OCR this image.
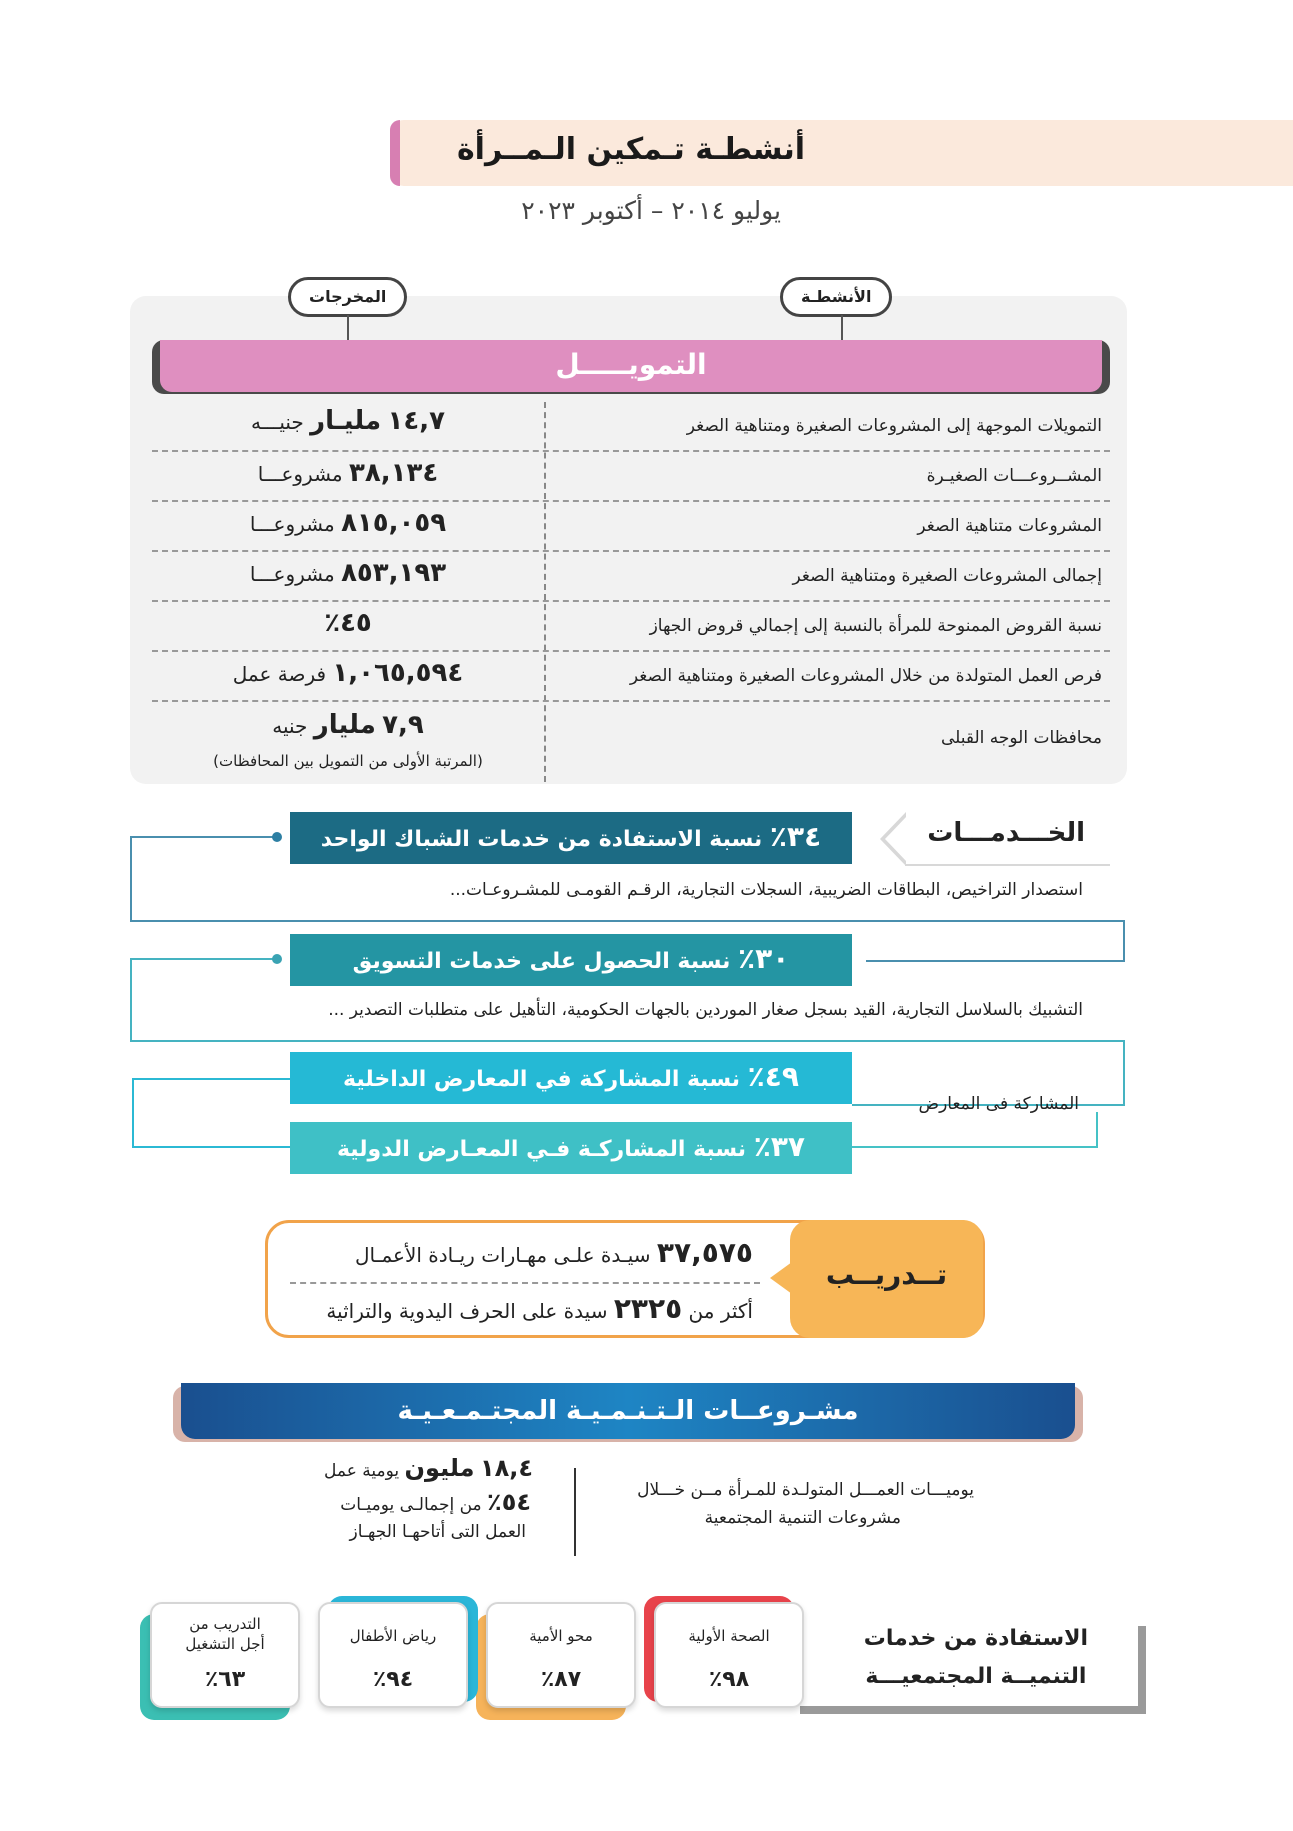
أنشطـة تـمكين الـمــرأة
يوليو ٢٠١٤ – أكتوبر ٢٠٢٣
المخرجات	الأنشطـة
التمويـــــل
التمويلات الموجهة إلى المشروعات الصغيرة ومتناهية الصغر
١٤,٧ مليـار جنيـــه
المشــروعـــات الصغيـرة
٣٨,١٣٤ مشروعـــا
المشروعات متناهية الصغر
٨١٥,٠٥٩ مشروعـــا
إجمالى المشروعات الصغيرة ومتناهية الصغر
٨٥٣,١٩٣ مشروعـــا
نسبة القروض الممنوحة للمرأة بالنسبة إلى إجمالي قروض الجهاز
٤٥٪
فرص العمل المتولدة من خلال المشروعات الصغيرة ومتناهية الصغر
١,٠٦٥,٥٩٤ فرصة عمل
محافظات الوجه القبلى
٧,٩ مليار جنيه
(المرتبة الأولى من التمويل بين المحافظات)
الخـــدمـــات
٣٤٪ نسبة الاستفادة من خدمات الشباك الواحد
استصدار التراخيص، البطاقات الضريبية، السجلات التجارية، الرقـم القومـى للمشـروعـات...
٣٠٪ نسبة الحصول على خدمات التسويق
التشبيك بالسلاسل التجارية، القيد بسجل صغار الموردين بالجهات الحكومية، التأهيل على متطلبات التصدير ...
٤٩٪ نسبة المشاركة في المعارض الداخلية
المشاركة فى المعارض
٣٧٪ نسبة المشاركـة فـي المعـارض الدولية
تــدريــب
٣٧,٥٧٥ سيـدة علـى مهـارات ريـادة الأعمـال
أكثر من ٢٣٢٥ سيدة على الحرف اليدوية والتراثية
مشـروعــات الـتـنـمـيـة المجتـمـعـيـة
يوميـــات العمـــل المتولـدة للمـرأة مــن خـــلال
مشروعات التنمية المجتمعية
١٨,٤ مليون يومية عمل
٥٤٪ من إجمالـى يوميـات
العمل التى أتاحهـا الجهـاز
الاستفادة من خدمات
التنميــة المجتمعيـــة
الصحة الأولية
٩٨٪
محو الأمية
٨٧٪
رياض الأطفال
٩٤٪
التدريب من
أجل التشغيل
٦٣٪
